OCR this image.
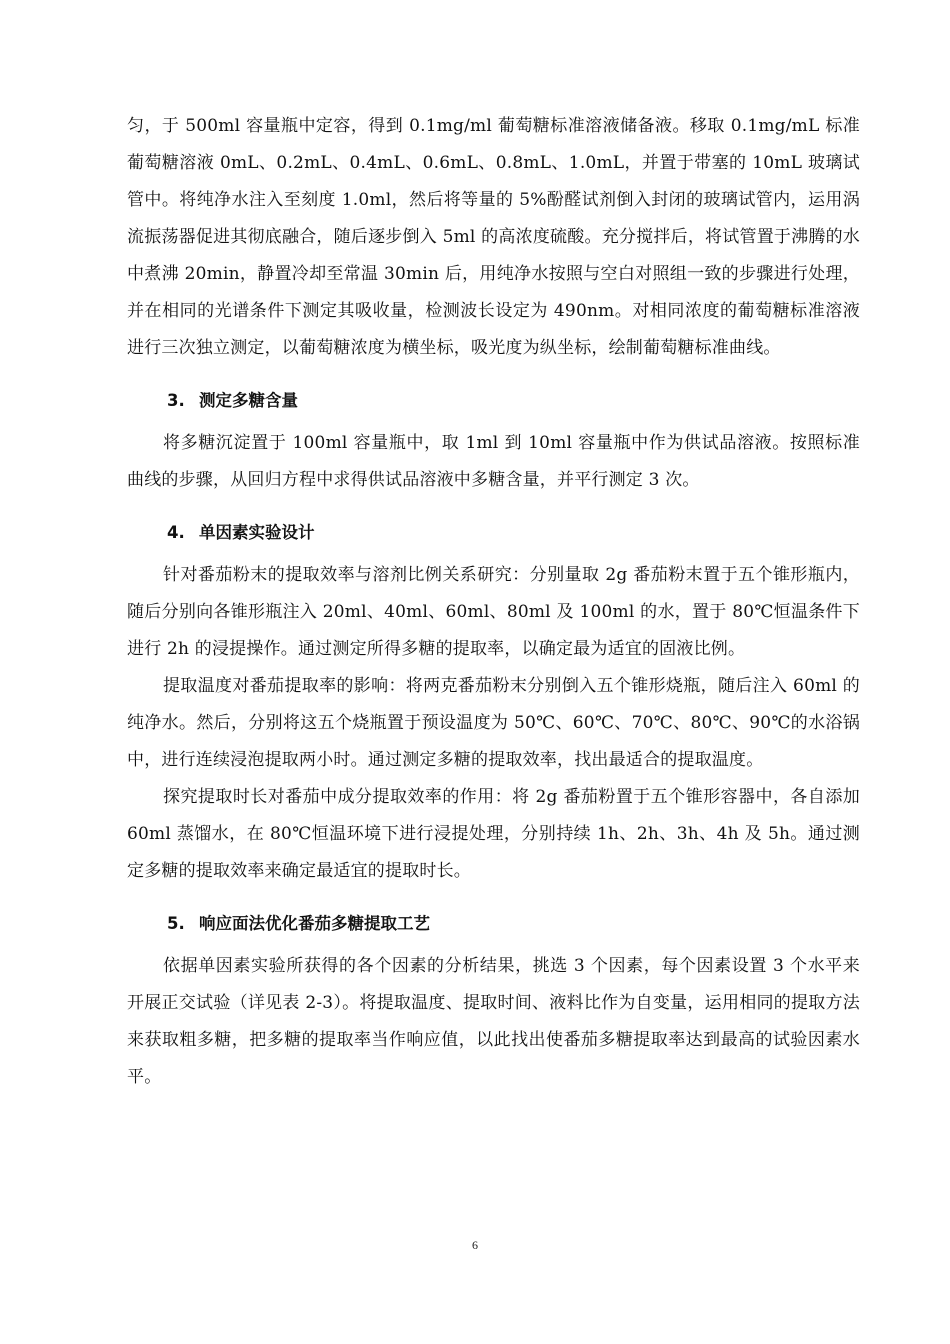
匀，于 500ml 容量瓶中定容，得到 0.1mg/ml 葡萄糖标准溶液储备液。移取 0.1mg/mL 标准葡萄糖溶液 0mL、0.2mL、0.4mL、0.6mL、0.8mL、1.0mL，并置于带塞的 10mL 玻璃试管中。将纯净水注入至刻度 1.0ml，然后将等量的 5%酚醛试剂倒入封闭的玻璃试管内，运用涡流振荡器促进其彻底融合，随后逐步倒入 5ml 的高浓度硫酸。充分搅拌后，将试管置于沸腾的水中煮沸 20min，静置冷却至常温 30min 后，用纯净水按照与空白对照组一致的步骤进行处理，并在相同的光谱条件下测定其吸收量，检测波长设定为 490nm。对相同浓度的葡萄糖标准溶液进行三次独立测定，以葡萄糖浓度为横坐标，吸光度为纵坐标，绘制葡萄糖标准曲线。

3. 测定多糖含量

将多糖沉淀置于 100ml 容量瓶中，取 1ml 到 10ml 容量瓶中作为供试品溶液。按照标准曲线的步骤，从回归方程中求得供试品溶液中多糖含量，并平行测定 3 次。

4. 单因素实验设计

针对番茄粉末的提取效率与溶剂比例关系研究：分别量取 2g 番茄粉末置于五个锥形瓶内，随后分别向各锥形瓶注入 20ml、40ml、60ml、80ml 及 100ml 的水，置于 80℃恒温条件下进行 2h 的浸提操作。通过测定所得多糖的提取率，以确定最为适宜的固液比例。

提取温度对番茄提取率的影响：将两克番茄粉末分别倒入五个锥形烧瓶，随后注入 60ml 的纯净水。然后，分别将这五个烧瓶置于预设温度为 50℃、60℃、70℃、80℃、90℃的水浴锅中，进行连续浸泡提取两小时。通过测定多糖的提取效率，找出最适合的提取温度。

探究提取时长对番茄中成分提取效率的作用：将 2g 番茄粉置于五个锥形容器中，各自添加 60ml 蒸馏水，在 80℃恒温环境下进行浸提处理，分别持续 1h、2h、3h、4h 及 5h。通过测定多糖的提取效率来确定最适宜的提取时长。

5. 响应面法优化番茄多糖提取工艺

依据单因素实验所获得的各个因素的分析结果，挑选 3 个因素，每个因素设置 3 个水平来开展正交试验（详见表 2-3）。将提取温度、提取时间、液料比作为自变量，运用相同的提取方法来获取粗多糖，把多糖的提取率当作响应值，以此找出使番茄多糖提取率达到最高的试验因素水平。

6
